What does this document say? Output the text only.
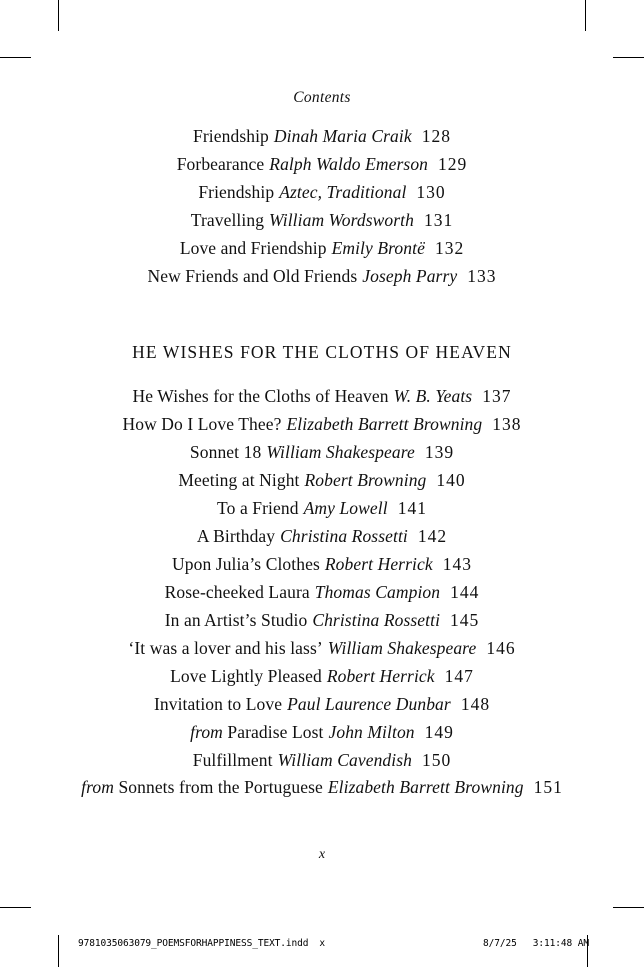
Contents
Friendship Dinah Maria Craik 128
Forbearance Ralph Waldo Emerson 129
Friendship Aztec, Traditional 130
Travelling William Wordsworth 131
Love and Friendship Emily Brontë 132
New Friends and Old Friends Joseph Parry 133
HE WISHES FOR THE CLOTHS OF HEAVEN
He Wishes for the Cloths of Heaven W. B. Yeats 137
How Do I Love Thee? Elizabeth Barrett Browning 138
Sonnet 18 William Shakespeare 139
Meeting at Night Robert Browning 140
To a Friend Amy Lowell 141
A Birthday Christina Rossetti 142
Upon Julia’s Clothes Robert Herrick 143
Rose-cheeked Laura Thomas Campion 144
In an Artist’s Studio Christina Rossetti 145
‘It was a lover and his lass’ William Shakespeare 146
Love Lightly Pleased Robert Herrick 147
Invitation to Love Paul Laurence Dunbar 148
from Paradise Lost John Milton 149
Fulfillment William Cavendish 150
from Sonnets from the Portuguese Elizabeth Barrett Browning 151
x
9781035063079_POEMSFORHAPPINESS_TEXT.indd x	8/7/25 3:11:48 AM
